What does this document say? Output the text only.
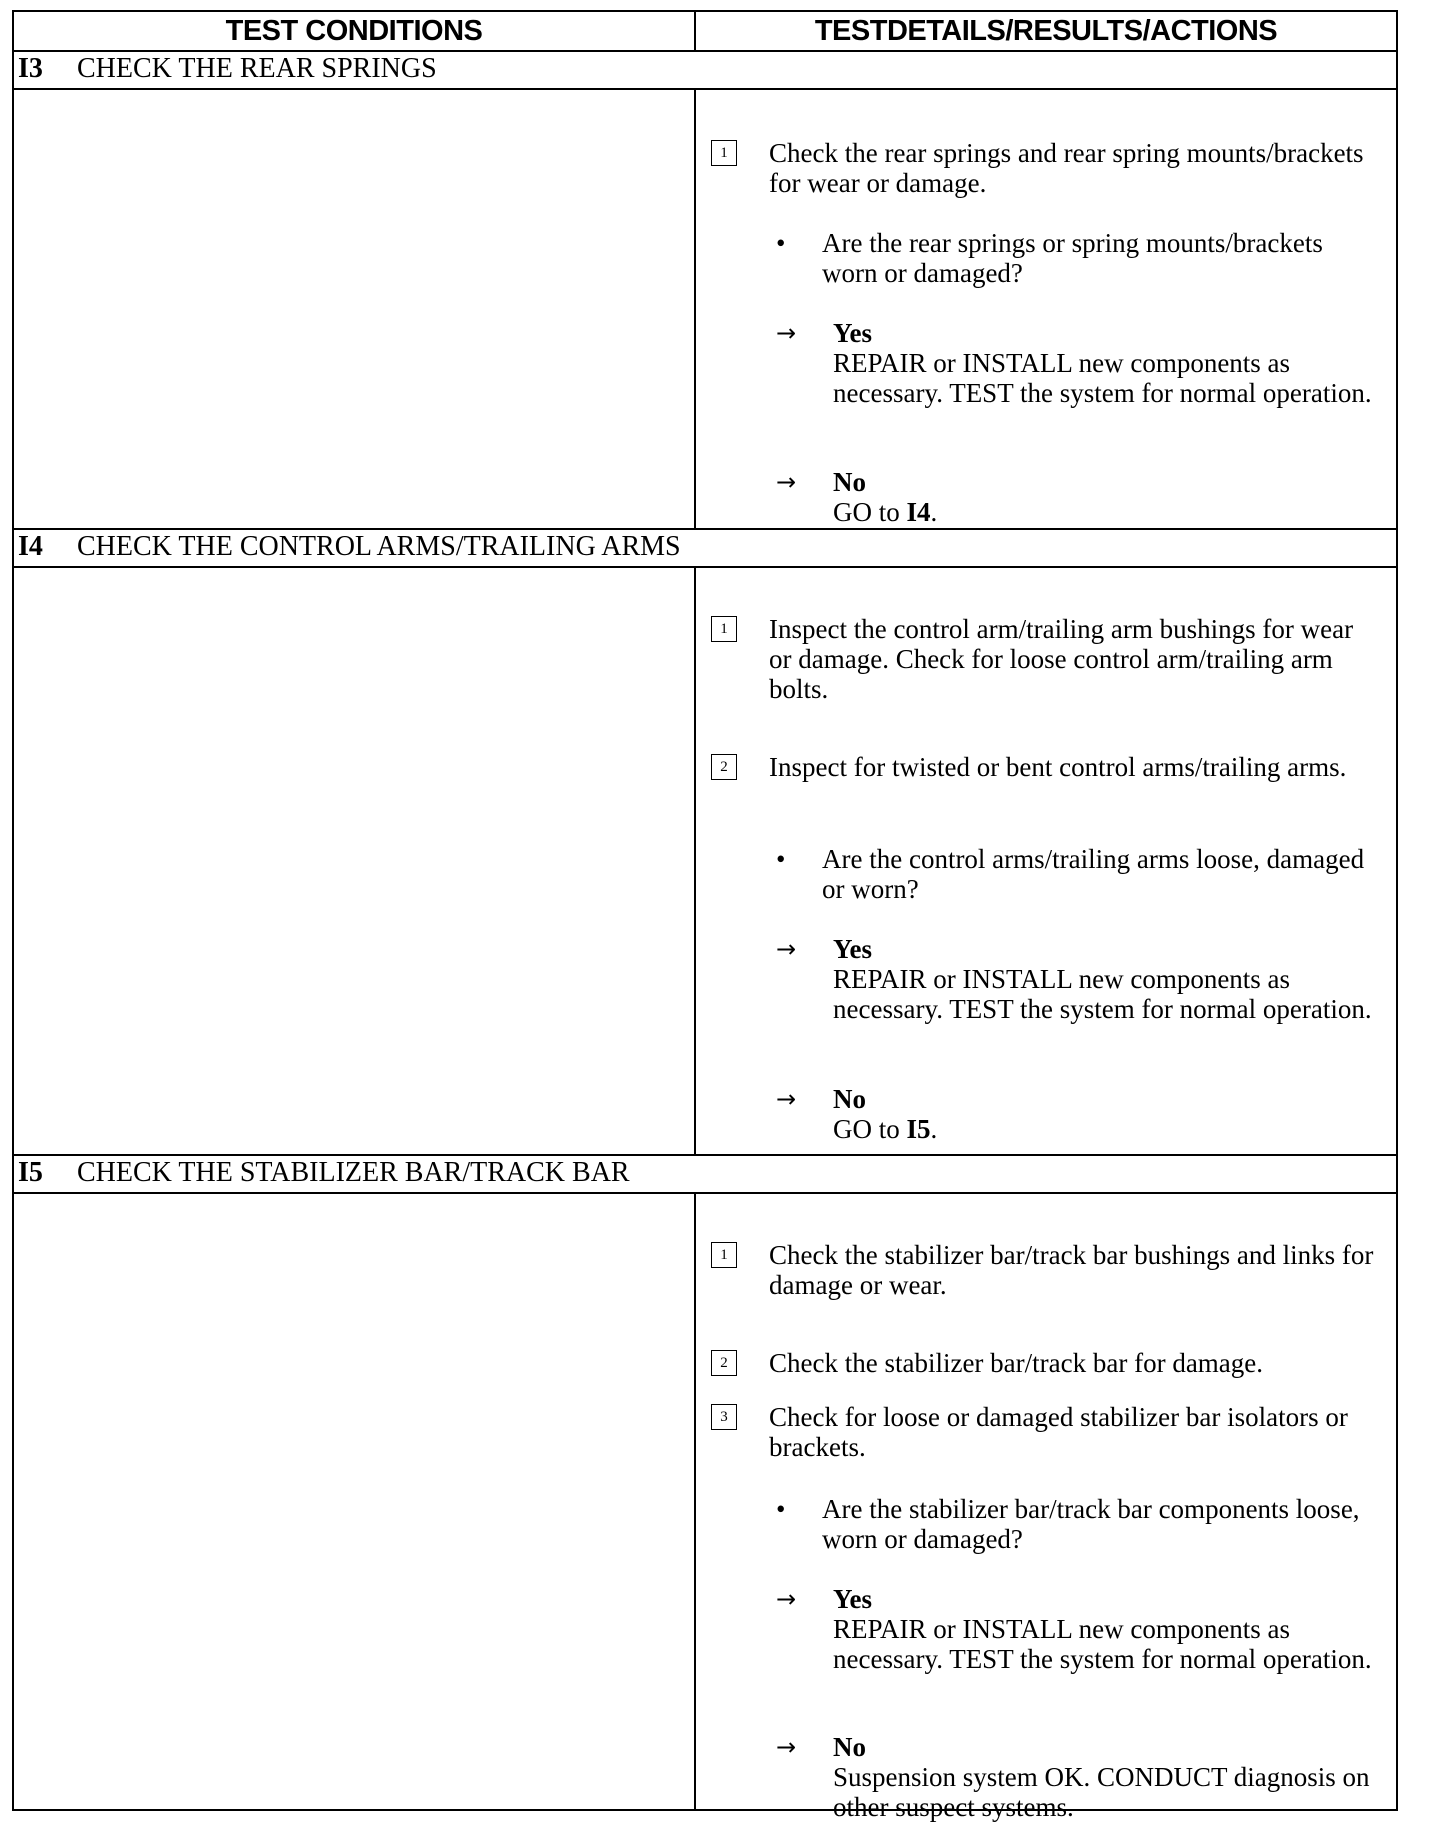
TEST CONDITIONS	TESTDETAILS/RESULTS/ACTIONS
I3 CHECK THE REAR SPRINGS
1	Check the rear springs and rear spring mounts/brackets for wear or damage.
• Are the rear springs or spring mounts/brackets worn or damaged?
→ Yes
REPAIR or INSTALL new components as necessary. TEST the system for normal operation.
→ No
GO to I4.
I4 CHECK THE CONTROL ARMS/TRAILING ARMS
1	Inspect the control arm/trailing arm bushings for wear or damage. Check for loose control arm/trailing arm bolts.
2	Inspect for twisted or bent control arms/trailing arms.
• Are the control arms/trailing arms loose, damaged or worn?
→ Yes
REPAIR or INSTALL new components as necessary. TEST the system for normal operation.
→ No
GO to I5.
I5 CHECK THE STABILIZER BAR/TRACK BAR
1	Check the stabilizer bar/track bar bushings and links for damage or wear.
2	Check the stabilizer bar/track bar for damage.
3	Check for loose or damaged stabilizer bar isolators or brackets.
• Are the stabilizer bar/track bar components loose, worn or damaged?
→ Yes
REPAIR or INSTALL new components as necessary. TEST the system for normal operation.
→ No
Suspension system OK. CONDUCT diagnosis on other suspect systems.
